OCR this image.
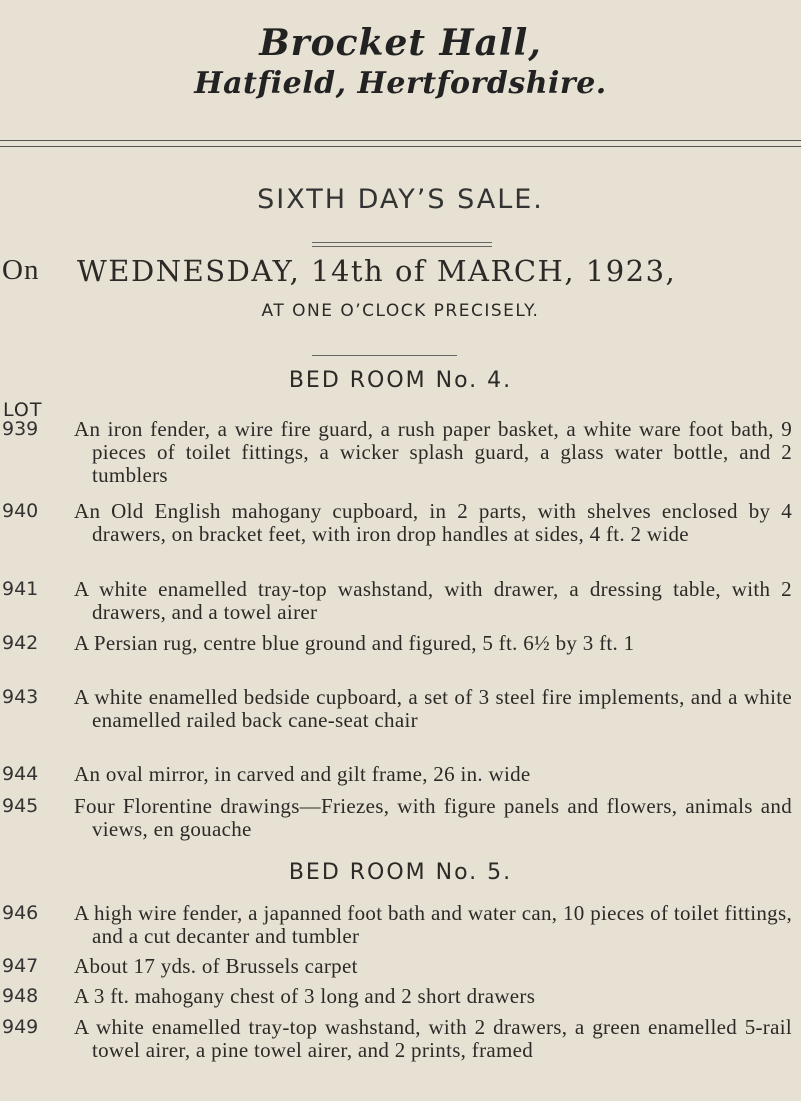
Brocket Hall,
Hatfield, Hertfordshire.
SIXTH DAY’S SALE.
On WEDNESDAY, 14th of MARCH, 1923,
AT ONE O’CLOCK PRECISELY.
BED ROOM No. 4.
LOT
939	An iron fender, a wire fire guard, a rush paper basket, a white ware foot bath, 9 pieces of toilet fittings, a wicker splash guard, a glass water bottle, and 2 tumblers
940	An Old English mahogany cupboard, in 2 parts, with shelves enclosed by 4 drawers, on bracket feet, with iron drop handles at sides, 4 ft. 2 wide
941	A white enamelled tray-top washstand, with drawer, a dressing table, with 2 drawers, and a towel airer
942	A Persian rug, centre blue ground and figured, 5 ft. 6½ by 3 ft. 1
943	A white enamelled bedside cupboard, a set of 3 steel fire implements, and a white enamelled railed back cane-seat chair
944	An oval mirror, in carved and gilt frame, 26 in. wide
945	Four Florentine drawings—Friezes, with figure panels and flowers, animals and views, en gouache
BED ROOM No. 5.
946	A high wire fender, a japanned foot bath and water can, 10 pieces of toilet fittings, and a cut decanter and tumbler
947	About 17 yds. of Brussels carpet
948	A 3 ft. mahogany chest of 3 long and 2 short drawers
949	A white enamelled tray-top washstand, with 2 drawers, a green enamelled 5-rail towel airer, a pine towel airer, and 2 prints, framed
